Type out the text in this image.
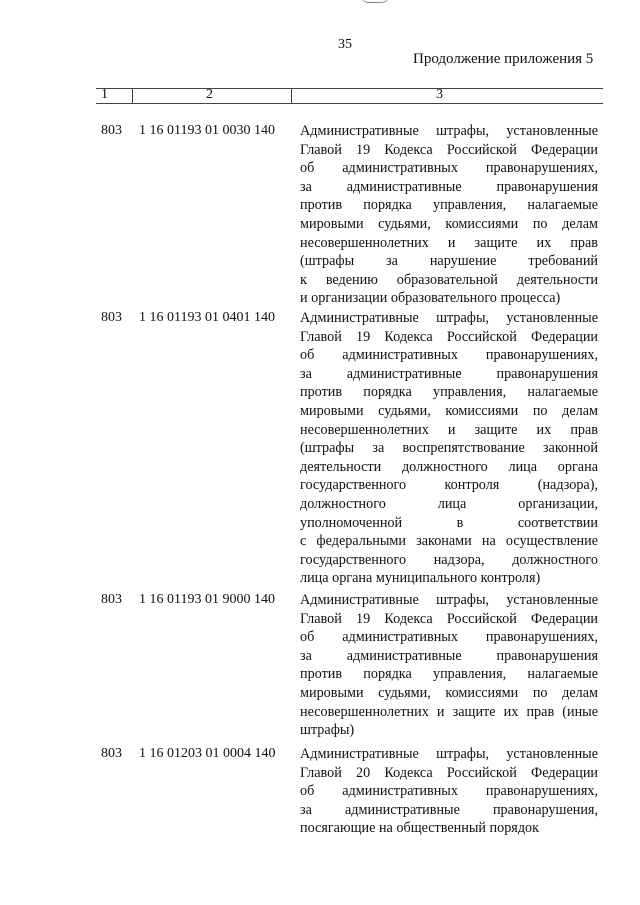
35
Продолжение приложения 5
1	2	3
803 1 16 01193 01 0030 140 Административные штрафы, установленные
Главой 19 Кодекса Российской Федерации
об административных правонарушениях,
за административные правонарушения
против порядка управления, налагаемые
мировыми судьями, комиссиями по делам
несовершеннолетних и защите их прав
(штрафы за нарушение требований
к ведению образовательной деятельности
и организации образовательного процесса)
803 1 16 01193 01 0401 140 Административные штрафы, установленные
Главой 19 Кодекса Российской Федерации
об административных правонарушениях,
за административные правонарушения
против порядка управления, налагаемые
мировыми судьями, комиссиями по делам
несовершеннолетних и защите их прав
(штрафы за воспрепятствование законной
деятельности должностного лица органа
государственного контроля (надзора),
должностного лица организации,
уполномоченной в соответствии
с федеральными законами на осуществление
государственного надзора, должностного
лица органа муниципального контроля)
803 1 16 01193 01 9000 140 Административные штрафы, установленные
Главой 19 Кодекса Российской Федерации
об административных правонарушениях,
за административные правонарушения
против порядка управления, налагаемые
мировыми судьями, комиссиями по делам
несовершеннолетних и защите их прав (иные
штрафы)
803 1 16 01203 01 0004 140 Административные штрафы, установленные
Главой 20 Кодекса Российской Федерации
об административных правонарушениях,
за административные правонарушения,
посягающие на общественный порядок
